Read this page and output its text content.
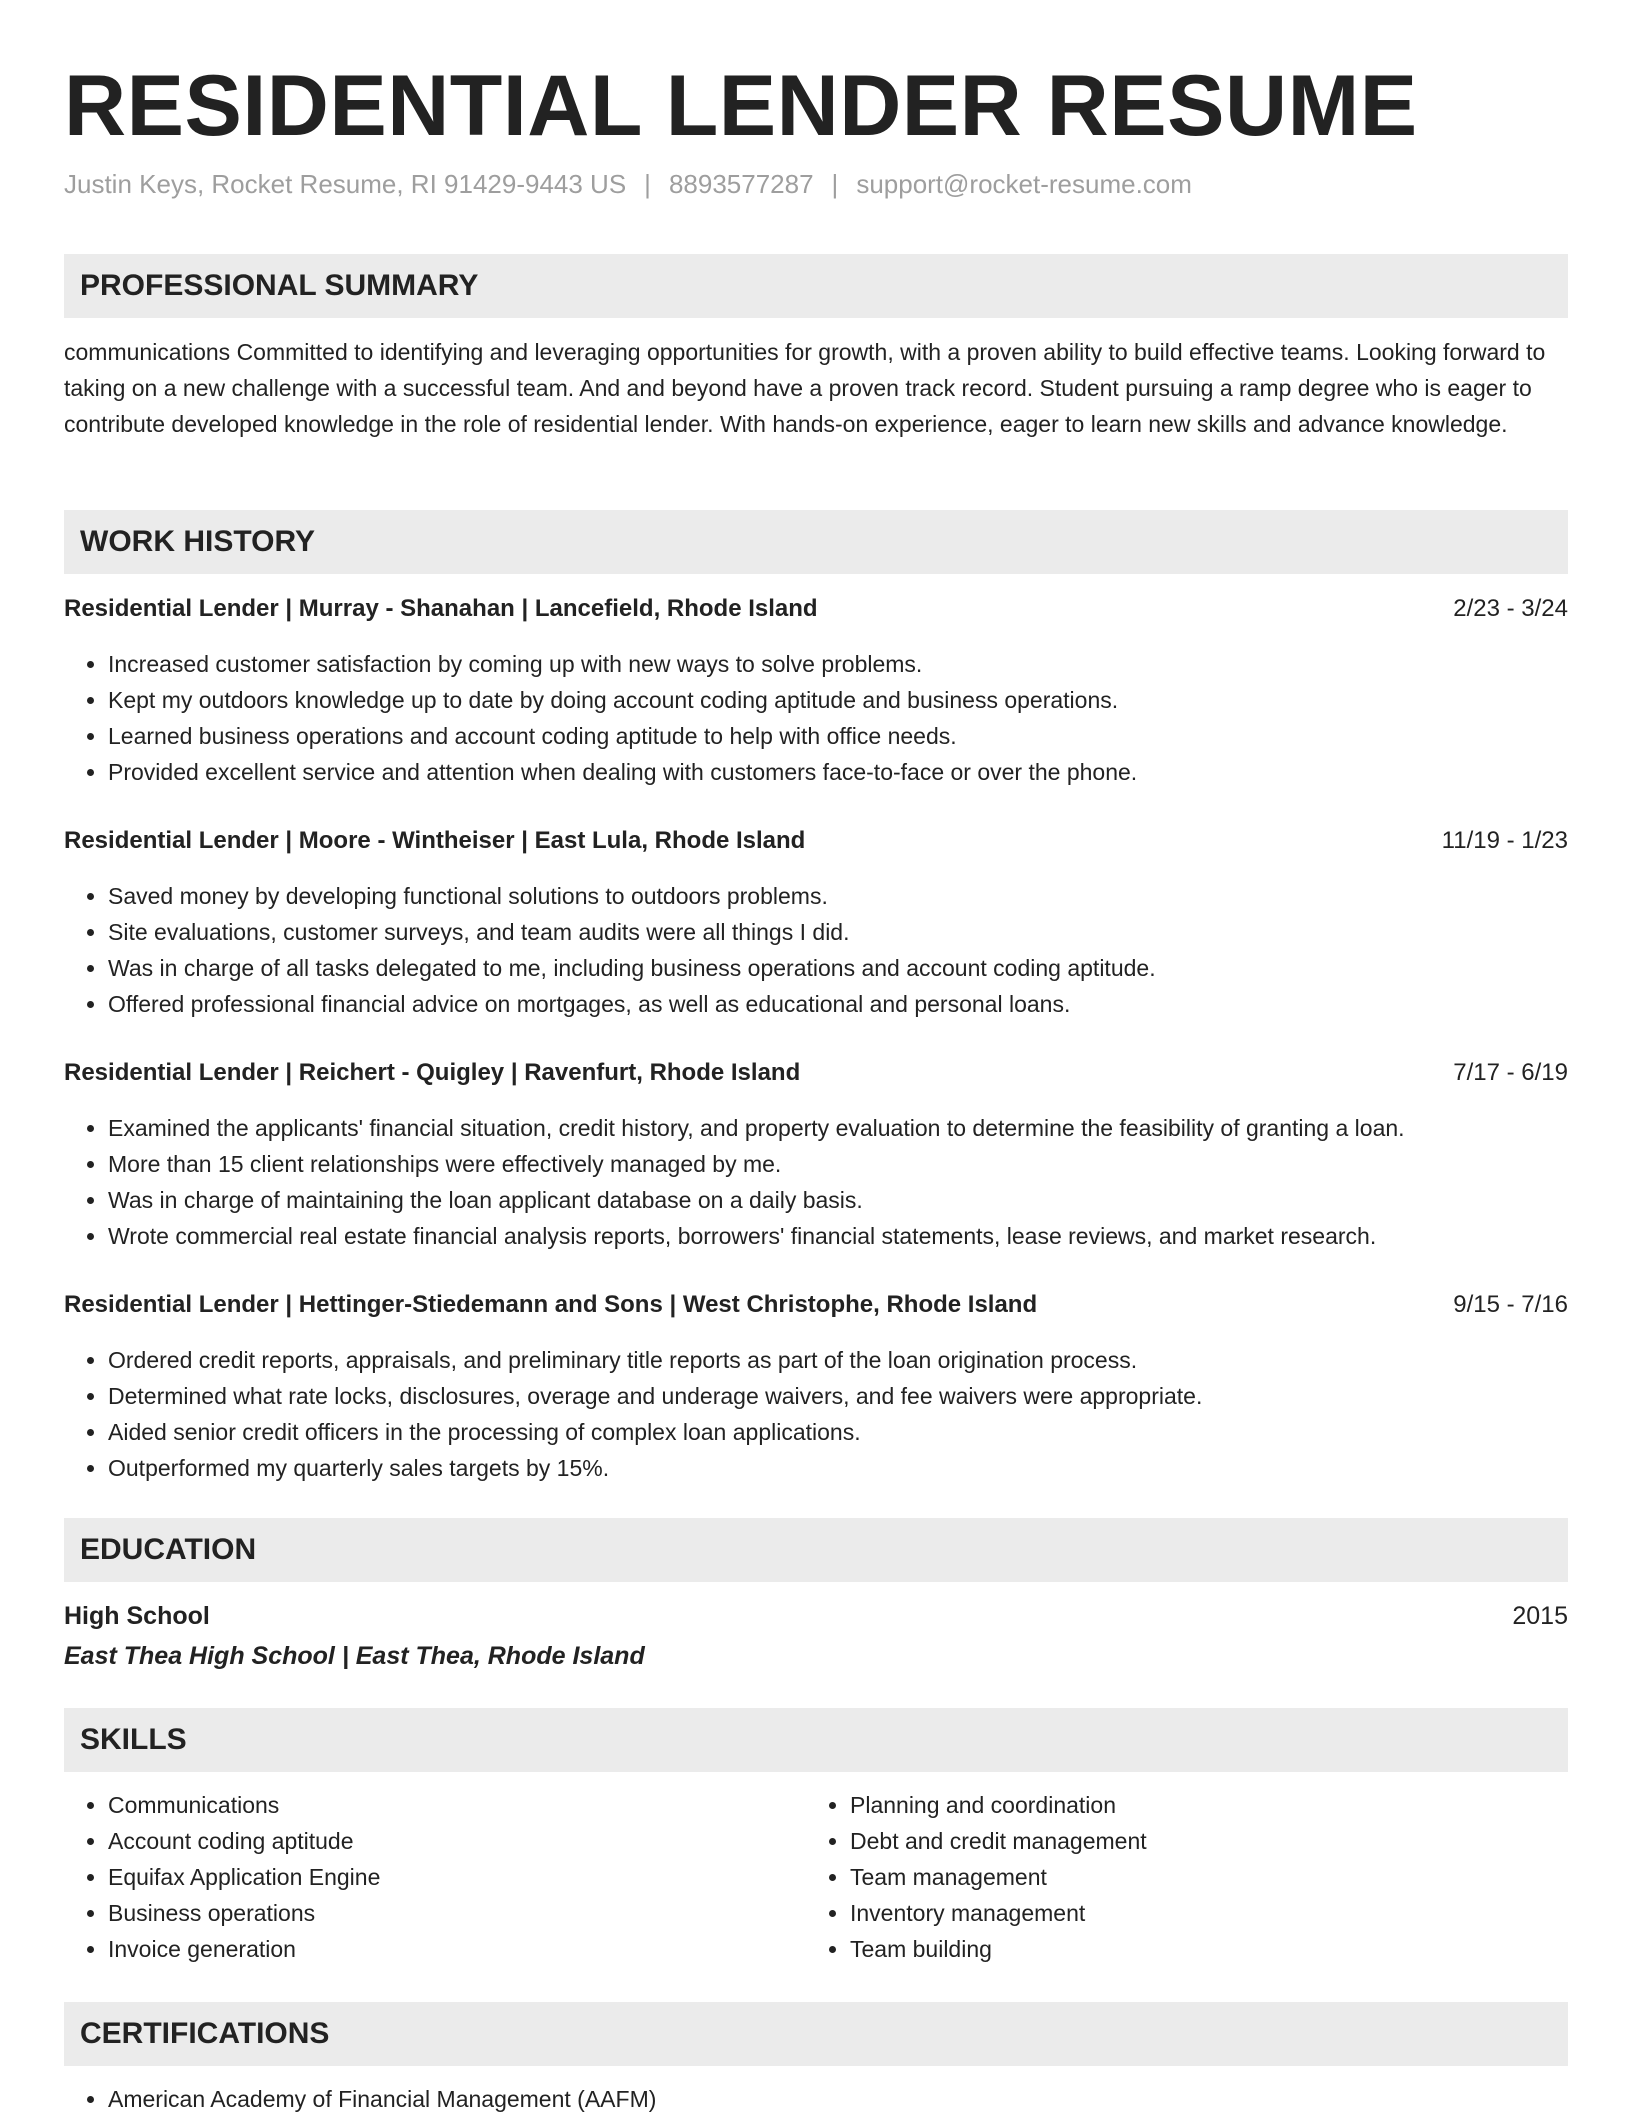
RESIDENTIAL LENDER RESUME
Justin Keys, Rocket Resume, RI 91429-9443 US | 8893577287 | support@rocket-resume.com
PROFESSIONAL SUMMARY

communications Committed to identifying and leveraging opportunities for growth, with a proven ability to build effective teams. Looking forward to taking on a new challenge with a successful team. And and beyond have a proven track record. Student pursuing a ramp degree who is eager to contribute developed knowledge in the role of residential lender. With hands-on experience, eager to learn new skills and advance knowledge.

WORK HISTORY
Residential Lender | Murray - Shanahan | Lancefield, Rhode Island	2/23 - 3/24
• Increased customer satisfaction by coming up with new ways to solve problems.
• Kept my outdoors knowledge up to date by doing account coding aptitude and business operations.
• Learned business operations and account coding aptitude to help with office needs.
• Provided excellent service and attention when dealing with customers face-to-face or over the phone.
Residential Lender | Moore - Wintheiser | East Lula, Rhode Island	11/19 - 1/23
• Saved money by developing functional solutions to outdoors problems.
• Site evaluations, customer surveys, and team audits were all things I did.
• Was in charge of all tasks delegated to me, including business operations and account coding aptitude.
• Offered professional financial advice on mortgages, as well as educational and personal loans.
Residential Lender | Reichert - Quigley | Ravenfurt, Rhode Island	7/17 - 6/19
• Examined the applicants' financial situation, credit history, and property evaluation to determine the feasibility of granting a loan.
• More than 15 client relationships were effectively managed by me.
• Was in charge of maintaining the loan applicant database on a daily basis.
• Wrote commercial real estate financial analysis reports, borrowers' financial statements, lease reviews, and market research.
Residential Lender | Hettinger-Stiedemann and Sons | West Christophe, Rhode Island	9/15 - 7/16
• Ordered credit reports, appraisals, and preliminary title reports as part of the loan origination process.
• Determined what rate locks, disclosures, overage and underage waivers, and fee waivers were appropriate.
• Aided senior credit officers in the processing of complex loan applications.
• Outperformed my quarterly sales targets by 15%.
EDUCATION
High School	2015
East Thea High School | East Thea, Rhode Island
SKILLS
• Communications
• Account coding aptitude
• Equifax Application Engine
• Business operations
• Invoice generation
• Planning and coordination
• Debt and credit management
• Team management
• Inventory management
• Team building
CERTIFICATIONS
• American Academy of Financial Management (AAFM)
